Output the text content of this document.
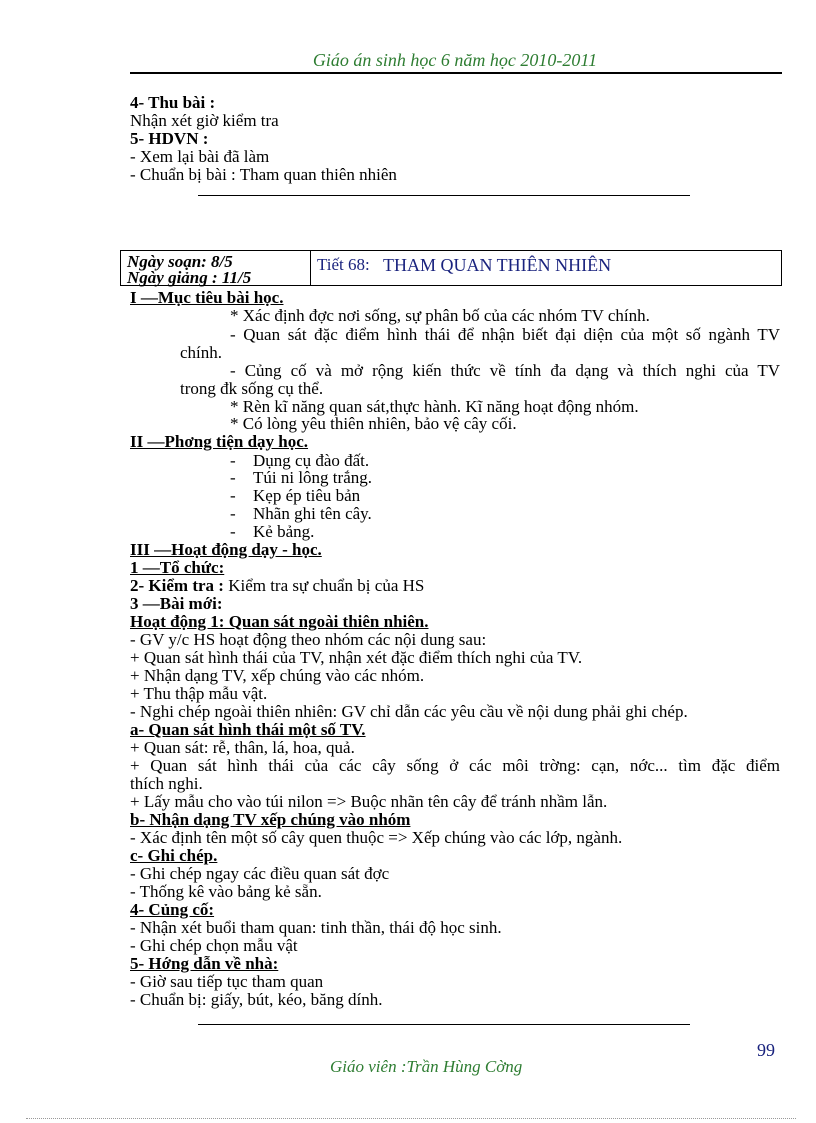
Giáo án sinh học 6 năm học 2010-2011
4- Thu bài :
Nhận xét giờ kiểm tra
5- HDVN :
- Xem lại bài đã làm
- Chuẩn bị bài : Tham quan thiên nhiên
Ngày soạn: 8/5
Ngày giảng : 11/5
Tiết 68: THAM QUAN THIÊN NHIÊN
I —Mục tiêu bài học.
* Xác định đợc nơi sống, sự phân bố của các nhóm TV chính.
- Quan sát đặc điểm hình thái để nhận biết đại diện của một số ngành TV
chính.
- Củng cố và mở rộng kiến thức về tính đa dạng và thích nghi của TV
trong đk sống cụ thể.
* Rèn kĩ năng quan sát,thực hành. Kĩ năng hoạt động nhóm.
* Có lòng yêu thiên nhiên, bảo vệ cây cối.
II —Phơng tiện dạy học.
- Dụng cụ đào đất.
- Túi ni lông trắng.
- Kẹp ép tiêu bản
- Nhãn ghi tên cây.
- Kẻ bảng.
III —Hoạt động dạy - học.
1 —Tổ chức:
2- Kiểm tra : Kiểm tra sự chuẩn bị của HS
3 —Bài mới:
Hoạt động 1: Quan sát ngoài thiên nhiên.
- GV y/c HS hoạt động theo nhóm các nội dung sau:
+ Quan sát hình thái của TV, nhận xét đặc điểm thích nghi của TV.
+ Nhận dạng TV, xếp chúng vào các nhóm.
+ Thu thập mẫu vật.
- Nghi chép ngoài thiên nhiên: GV chỉ dẫn các yêu cầu về nội dung phải ghi chép.
a- Quan sát hình thái một số TV.
+ Quan sát: rễ, thân, lá, hoa, quả.
+ Quan sát hình thái của các cây sống ở các môi trờng: cạn, nớc... tìm đặc điểm
thích nghi.
+ Lấy mẫu cho vào túi nilon => Buộc nhãn tên cây để tránh nhầm lẫn.
b- Nhận dạng TV xếp chúng vào nhóm
- Xác định tên một số cây quen thuộc => Xếp chúng vào các lớp, ngành.
c- Ghi chép.
- Ghi chép ngay các điều quan sát đợc
- Thống kê vào bảng kẻ sẵn.
4- Củng cố:
- Nhận xét buổi tham quan: tinh thần, thái độ học sinh.
- Ghi chép chọn mẫu vật
5- Hớng dẫn về nhà:
- Giờ sau tiếp tục tham quan
- Chuẩn bị: giấy, bút, kéo, băng dính.
99
Giáo viên :Trần Hùng Cờng
